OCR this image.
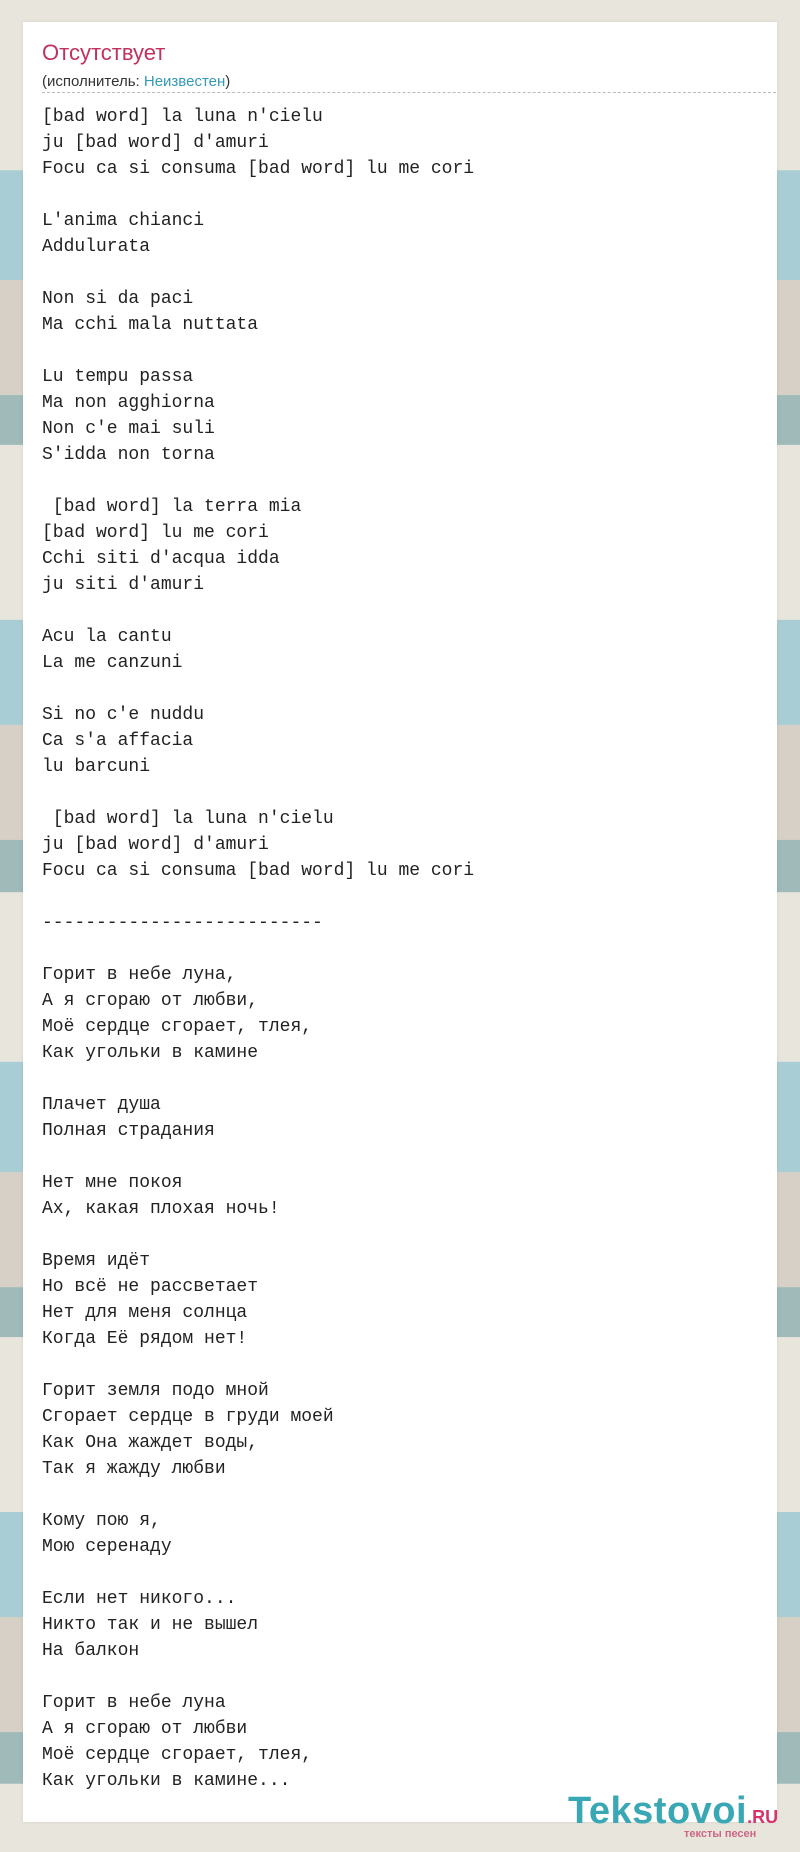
Отсутствует
(исполнитель: Неизвестен)
[bad word] la luna n'cielu
ju [bad word] d'amuri
Focu ca si consuma [bad word] lu me cori

L'anima chianci
Addulurata

Non si da paci
Ma cchi mala nuttata

Lu tempu passa
Ma non agghiorna
Non c'e mai suli
S'idda non torna

[bad word] la terra mia
[bad word] lu me cori
Cchi siti d'acqua idda
ju siti d'amuri

Acu la cantu
La me canzuni

Si no c'e nuddu
Ca s'a affacia
lu barcuni

[bad word] la luna n'cielu
ju [bad word] d'amuri
Focu ca si consuma [bad word] lu me cori

--------------------------

Горит в небе луна,
А я сгораю от любви,
Моё сердце сгорает, тлея,
Как угольки в камине

Плачет душа
Полная страдания

Нет мне покоя
Ах, какая плохая ночь!

Время идёт
Но всё не рассветает
Нет для меня солнца
Когда Её рядом нет!

Горит земля подо мной
Сгорает сердце в груди моей
Как Она жаждет воды,
Так я жажду любви

Кому пою я,
Мою серенаду

Если нет никого...
Никто так и не вышел
На балкон

Горит в небе луна
А я сгораю от любви
Моё сердце сгорает, тлея,
Как угольки в камине...
Tekstovoi.RU
тексты песен
